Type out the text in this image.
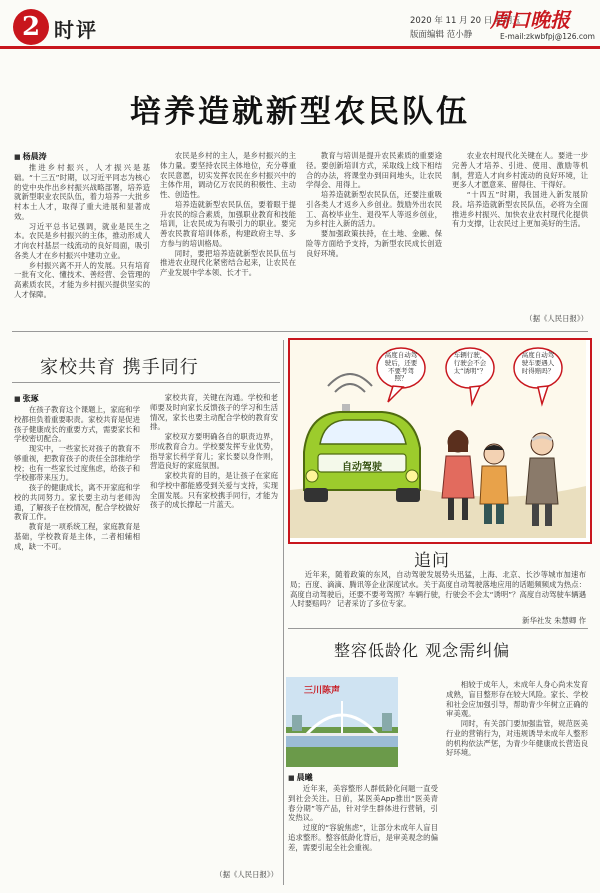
2 时评	2020 年 11 月 20 日 星期五
版面编辑 范小静
周口晚报
E-mail:zkwbfpj@126.com
培养造就新型农民队伍
■ 杨晨涛

推进乡村振兴，人才振兴是基础。“十三五”时期，以习近平同志为核心的党中央作出乡村振兴战略部署，培养造就新型职业农民队伍，着力培养一大批乡村本土人才，取得了重大进展和显著成效。

习近平总书记强调，就业是民生之本。农民是乡村振兴的主体，推动形成人才向农村基层一线流动的良好局面，吸引各类人才在乡村振兴中建功立业。

乡村振兴离不开人的发展。只有培育一批有文化、懂技术、善经营、会管理的高素质农民，才能为乡村振兴提供坚实的人才保障。

农民是乡村的主人，是乡村振兴的主体力量。要坚持农民主体地位，充分尊重农民意愿，切实发挥农民在乡村振兴中的主体作用，调动亿万农民的积极性、主动性、创造性。

培养造就新型农民队伍，要着眼于提升农民的综合素质，加强职业教育和技能培训，让农民成为有吸引力的职业。要完善农民教育培训体系，构建政府主导、多方参与的培训格局。

同时，要把培养造就新型农民队伍与推进农业现代化紧密结合起来，让农民在产业发展中学本领、长才干。

教育与培训是提升农民素质的重要途径。要创新培训方式，采取线上线下相结合的办法，将课堂办到田间地头，让农民学得会、用得上。

培养造就新型农民队伍，还要注重吸引各类人才返乡入乡创业。鼓励外出农民工、高校毕业生、退役军人等返乡创业，为乡村注入新的活力。

要加强政策扶持，在土地、金融、保险等方面给予支持，为新型农民成长创造良好环境。

农业农村现代化关键在人。要进一步完善人才培养、引进、使用、激励等机制，营造人才向乡村流动的良好环境，让更多人才愿意来、留得住、干得好。

“十四五”时期，我国进入新发展阶段。培养造就新型农民队伍，必将为全面推进乡村振兴、加快农业农村现代化提供有力支撑，让农民过上更加美好的生活。

（据《人民日报》）
家校共育 携手同行
■ 张琢

在孩子教育这个课题上，家庭和学校都担负着重要职责。家校共育是促进孩子健康成长的重要方式，需要家长和学校密切配合。

现实中，一些家长对孩子的教育不够重视，把教育孩子的责任全部推给学校；也有一些家长过度焦虑，给孩子和学校都带来压力。

孩子的健康成长，离不开家庭和学校的共同努力。家长要主动与老师沟通，了解孩子在校情况，配合学校做好教育工作。

教育是一项系统工程，家庭教育是基础，学校教育是主体，二者相辅相成，缺一不可。

家校共育，关键在沟通。学校和老师要及时向家长反馈孩子的学习和生活情况，家长也要主动配合学校的教育安排。

家校双方要明确各自的职责边界，形成教育合力。学校要发挥专业优势，指导家长科学育儿；家长要以身作则，营造良好的家庭氛围。

家校共育的目的，是让孩子在家庭和学校中都能感受到关爱与支持，实现全面发展。只有家校携手同行，才能为孩子的成长撑起一片蓝天。

（据《人民日报》）
高度自动驾驶后，还要不要考驾照？
车辆行驶，行驶会不会太“诱明”？
高度自动驾驶车要遇人时得赔吗？
自动驾驶
追问

近年来，随着政策的东风，自动驾驶发展势头迅猛，上海、北京、长沙等城市加速布局；百度、滴滴、腾讯等企业深度试水。关于高度自动驾驶落地应用的话题频频成为热点：高度自动驾驶后，还要不要考驾照？车辆行驶，行驶会不会太“诱明”？高度自动驾驶车辆遇人时要赔吗？ 记者采访了多位专家。

新华社发 朱慧卿 作
整容低龄化 观念需纠偏
三川陈声
■ 晨曦

近年来，美容整形人群低龄化问题一直受到社会关注。日前，某医美App推出“医美青春分期”等产品，针对学生群体进行营销，引发热议。

过度的“容貌焦虑”，让部分未成年人盲目追求整形。整容低龄化背后，是审美观念的偏差，需要引起全社会重视。

相较于成年人，未成年人身心尚未发育成熟，盲目整形存在较大风险。家长、学校和社会应加强引导，帮助青少年树立正确的审美观。

同时，有关部门要加强监管，规范医美行业的营销行为，对违规诱导未成年人整形的机构依法严惩，为青少年健康成长营造良好环境。
